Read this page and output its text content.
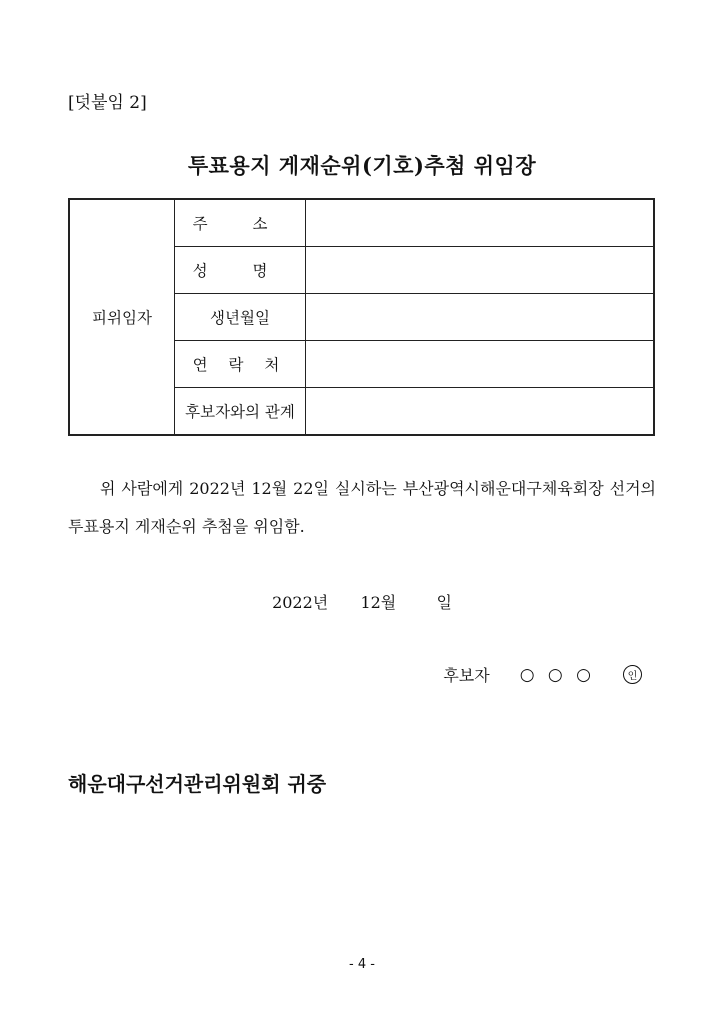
[덧붙임 2]
투표용지 게재순위(기호)추첨 위임장
피위임자	주 소	
	성 명	
	생년월일	
	연 락 처	
	후보자와의 관계	
위 사람에게 2022년 12월 22일 실시하는 부산광역시해운대구체육회장 선거의 투표용지 게재순위 추첨을 위임함.
2022년 12월	일
후보자 ○ ○ ○	인
해운대구선거관리위원회 귀중
- 4 -
